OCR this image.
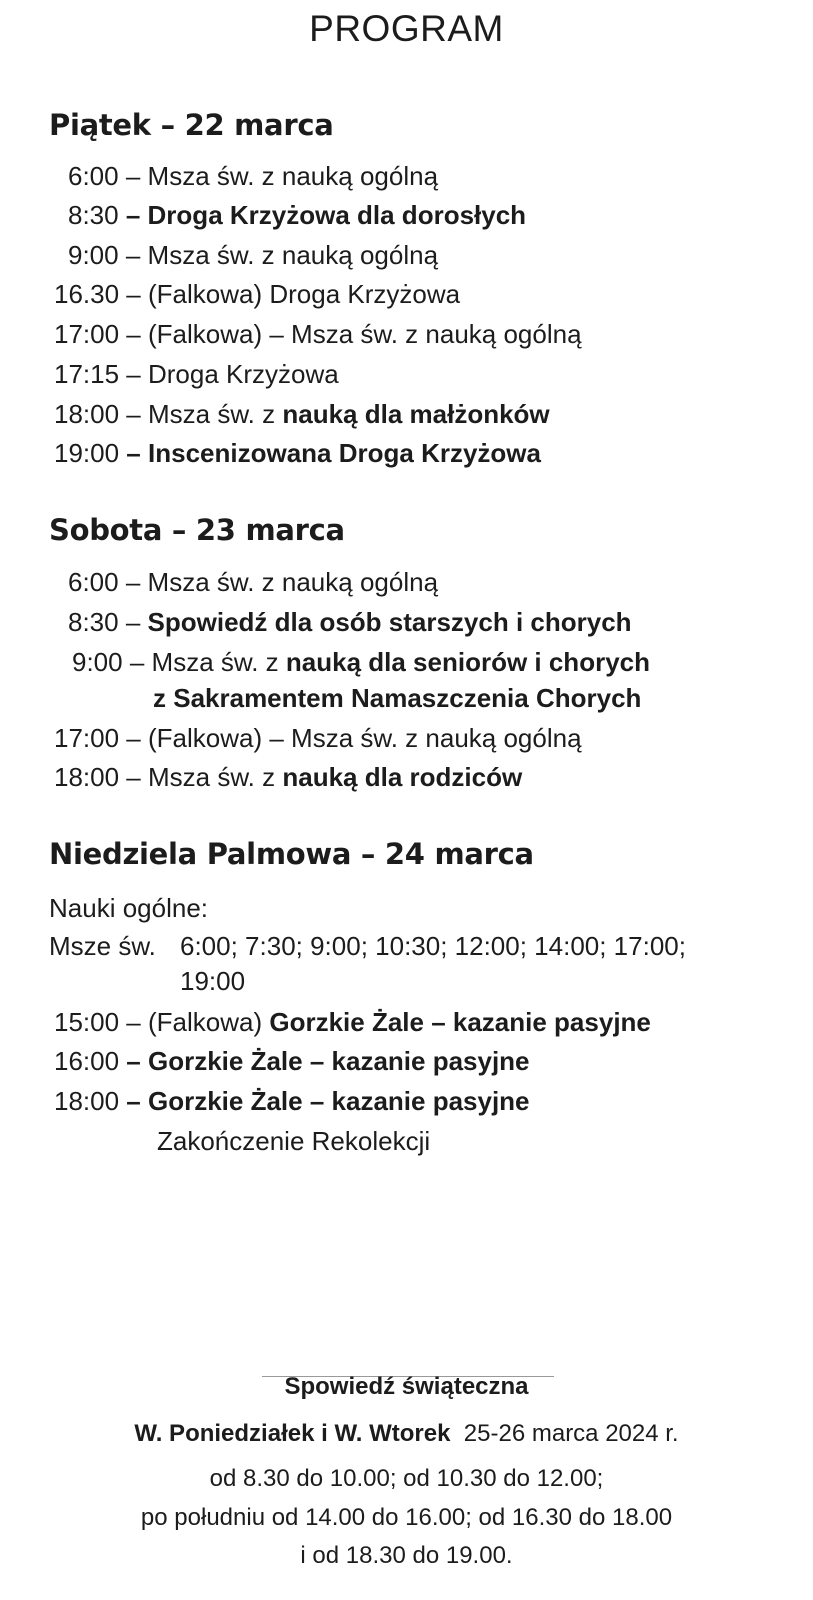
PROGRAM
Piątek – 22 marca
6:00 – Msza św. z nauką ogólną
8:30 – Droga Krzyżowa dla dorosłych
9:00 – Msza św. z nauką ogólną
16.30 – (Falkowa) Droga Krzyżowa
17:00 – (Falkowa) – Msza św. z nauką ogólną
17:15 – Droga Krzyżowa
18:00 – Msza św. z nauką dla małżonków
19:00 – Inscenizowana Droga Krzyżowa
Sobota – 23 marca
6:00 – Msza św. z nauką ogólną
8:30 – Spowiedź dla osób starszych i chorych
9:00 – Msza św. z nauką dla seniorów i chorych
z Sakramentem Namaszczenia Chorych
17:00 – (Falkowa) – Msza św. z nauką ogólną
18:00 – Msza św. z nauką dla rodziców
Niedziela Palmowa – 24 marca
Nauki ogólne:
Msze św. 6:00; 7:30; 9:00; 10:30; 12:00; 14:00; 17:00;
19:00
15:00 – (Falkowa) Gorzkie Żale – kazanie pasyjne
16:00 – Gorzkie Żale – kazanie pasyjne
18:00 – Gorzkie Żale – kazanie pasyjne
Zakończenie Rekolekcji
Spowiedź świąteczna
W. Poniedziałek i W. Wtorek 25-26 marca 2024 r.
od 8.30 do 10.00; od 10.30 do 12.00;
po południu od 14.00 do 16.00; od 16.30 do 18.00
i od 18.30 do 19.00.
